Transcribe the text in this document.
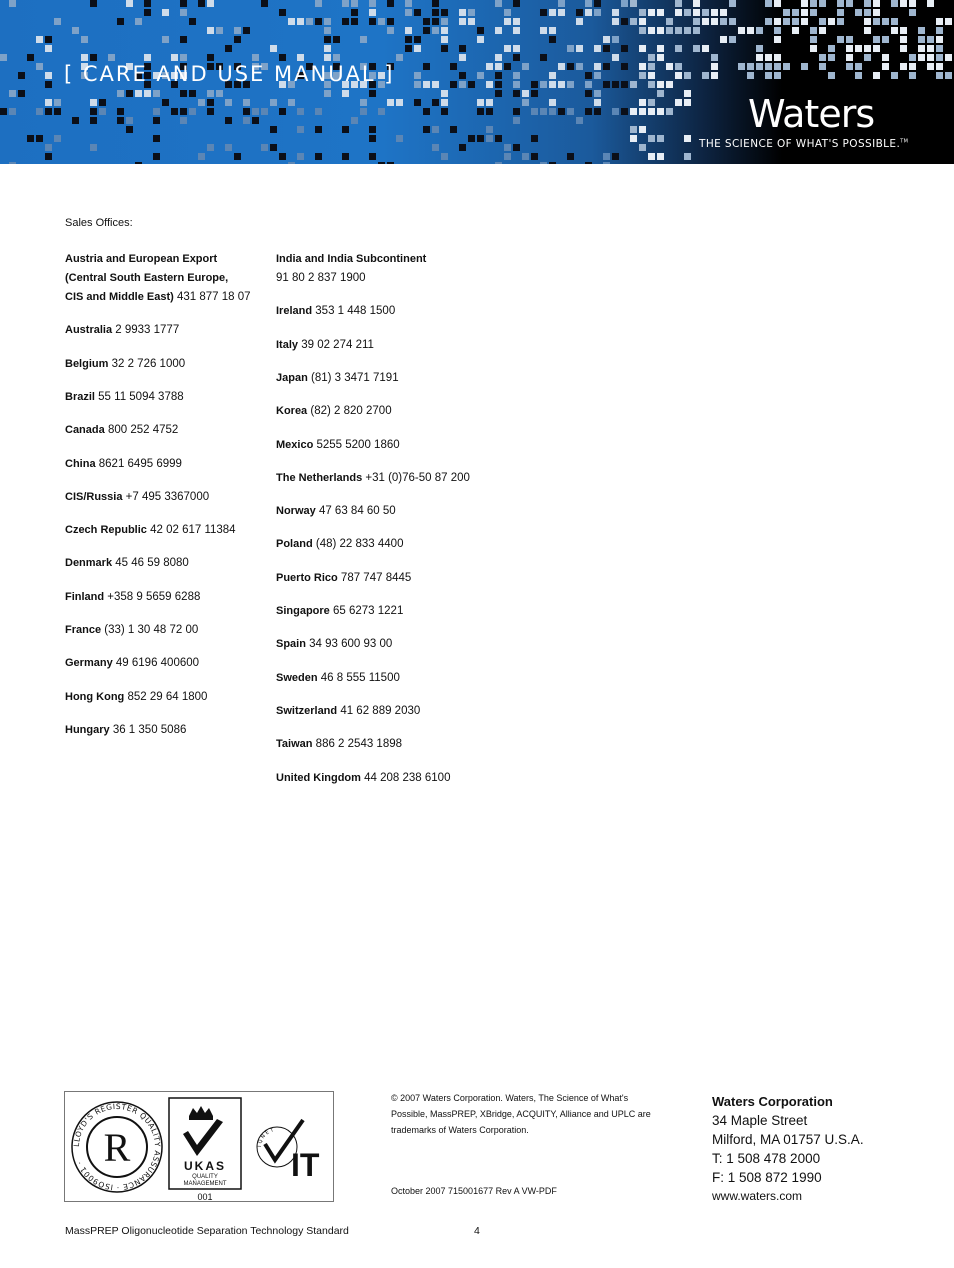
[ CARE AND USE MANUAL ]
Waters
THE SCIENCE OF WHAT'S POSSIBLE.™
Sales Offices:
Austria and European Export
(Central South Eastern Europe,
CIS and Middle East) 431 877 18 07
Australia 2 9933 1777
Belgium 32 2 726 1000
Brazil 55 11 5094 3788
Canada 800 252 4752
China 8621 6495 6999
CIS/Russia +7 495 3367000
Czech Republic 42 02 617 11384
Denmark 45 46 59 8080
Finland +358 9 5659 6288
France (33) 1 30 48 72 00
Germany 49 6196 400600
Hong Kong 852 29 64 1800
Hungary 36 1 350 5086
India and India Subcontinent
91 80 2 837 1900
Ireland 353 1 448 1500
Italy 39 02 274 211
Japan (81) 3 3471 7191
Korea (82) 2 820 2700
Mexico 5255 5200 1860
The Netherlands +31 (0)76-50 87 200
Norway 47 63 84 60 50
Poland (48) 22 833 4400
Puerto Rico 787 747 8445
Singapore 65 6273 1221
Spain 34 93 600 93 00
Sweden 46 8 555 11500
Switzerland 41 62 889 2030
Taiwan 886 2 2543 1898
United Kingdom 44 208 238 6100
LLOYD'S REGISTER QUALITY ASSURANCE · ISO9001 · R	UKAS
QUALITY
MANAGEMENT
001
I Q N E T
IT
© 2007 Waters Corporation. Waters, The Science of What's
Possible, MassPREP, XBridge, ACQUITY, Alliance and UPLC are
trademarks of Waters Corporation.
October 2007 715001677 Rev A VW-PDF
Waters Corporation
34 Maple Street
Milford, MA 01757 U.S.A.
T: 1 508 478 2000
F: 1 508 872 1990
www.waters.com
MassPREP Oligonucleotide Separation Technology Standard	4
